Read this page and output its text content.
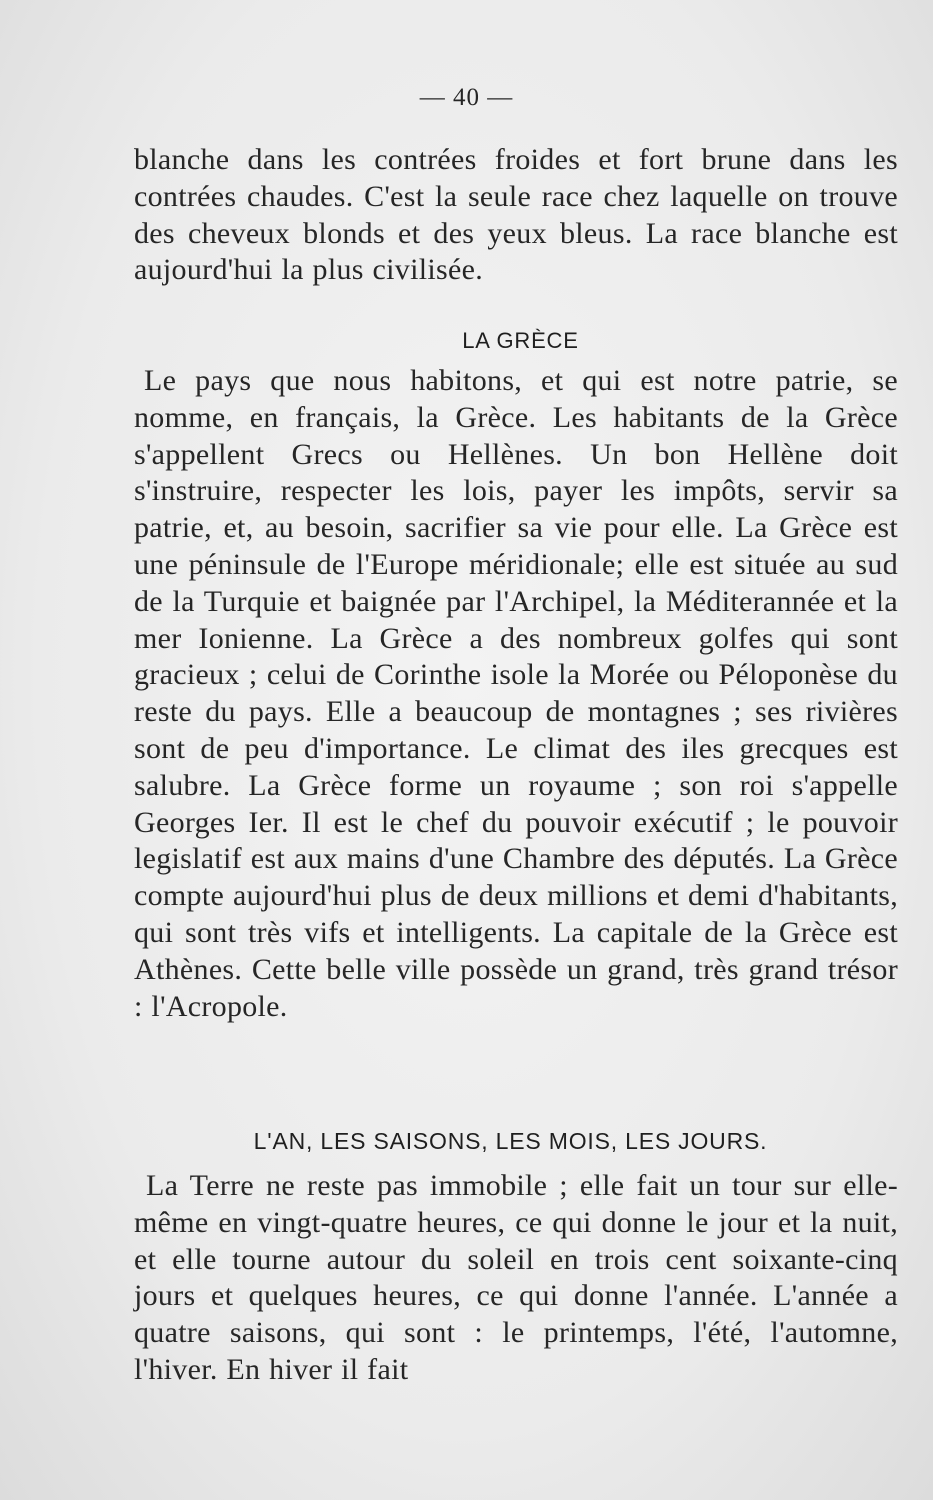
— 40 —

blanche dans les contrées froides et fort brune dans les contrées chaudes. C'est la seule race chez laquelle on trouve des cheveux blonds et des yeux bleus. La race blanche est aujourd'hui la plus civilisée.

LA GRÈCE

Le pays que nous habitons, et qui est notre patrie, se nomme, en français, la Grèce. Les habitants de la Grèce s'appellent Grecs ou Hellènes. Un bon Hellène doit s'instruire, respecter les lois, payer les impôts, servir sa patrie, et, au besoin, sacrifier sa vie pour elle. La Grèce est une péninsule de l'Europe méridionale; elle est située au sud de la Turquie et baignée par l'Archipel, la Méditerannée et la mer Ionienne. La Grèce a des nombreux golfes qui sont gracieux ; celui de Corinthe isole la Morée ou Péloponèse du reste du pays. Elle a beaucoup de montagnes ; ses rivières sont de peu d'importance. Le climat des iles grecques est salubre. La Grèce forme un royaume ; son roi s'appelle Georges Ier. Il est le chef du pouvoir exécutif ; le pouvoir legislatif est aux mains d'une Chambre des députés. La Grèce compte aujourd'hui plus de deux millions et demi d'habitants, qui sont très vifs et intelligents. La capitale de la Grèce est Athènes. Cette belle ville possède un grand, très grand trésor : l'Acropole.

L'AN, LES SAISONS, LES MOIS, LES JOURS.

La Terre ne reste pas immobile ; elle fait un tour sur elle-même en vingt-quatre heures, ce qui donne le jour et la nuit, et elle tourne autour du soleil en trois cent soixante-cinq jours et quelques heures, ce qui donne l'année. L'année a quatre saisons, qui sont : le printemps, l'été, l'automne, l'hiver. En hiver il fait
